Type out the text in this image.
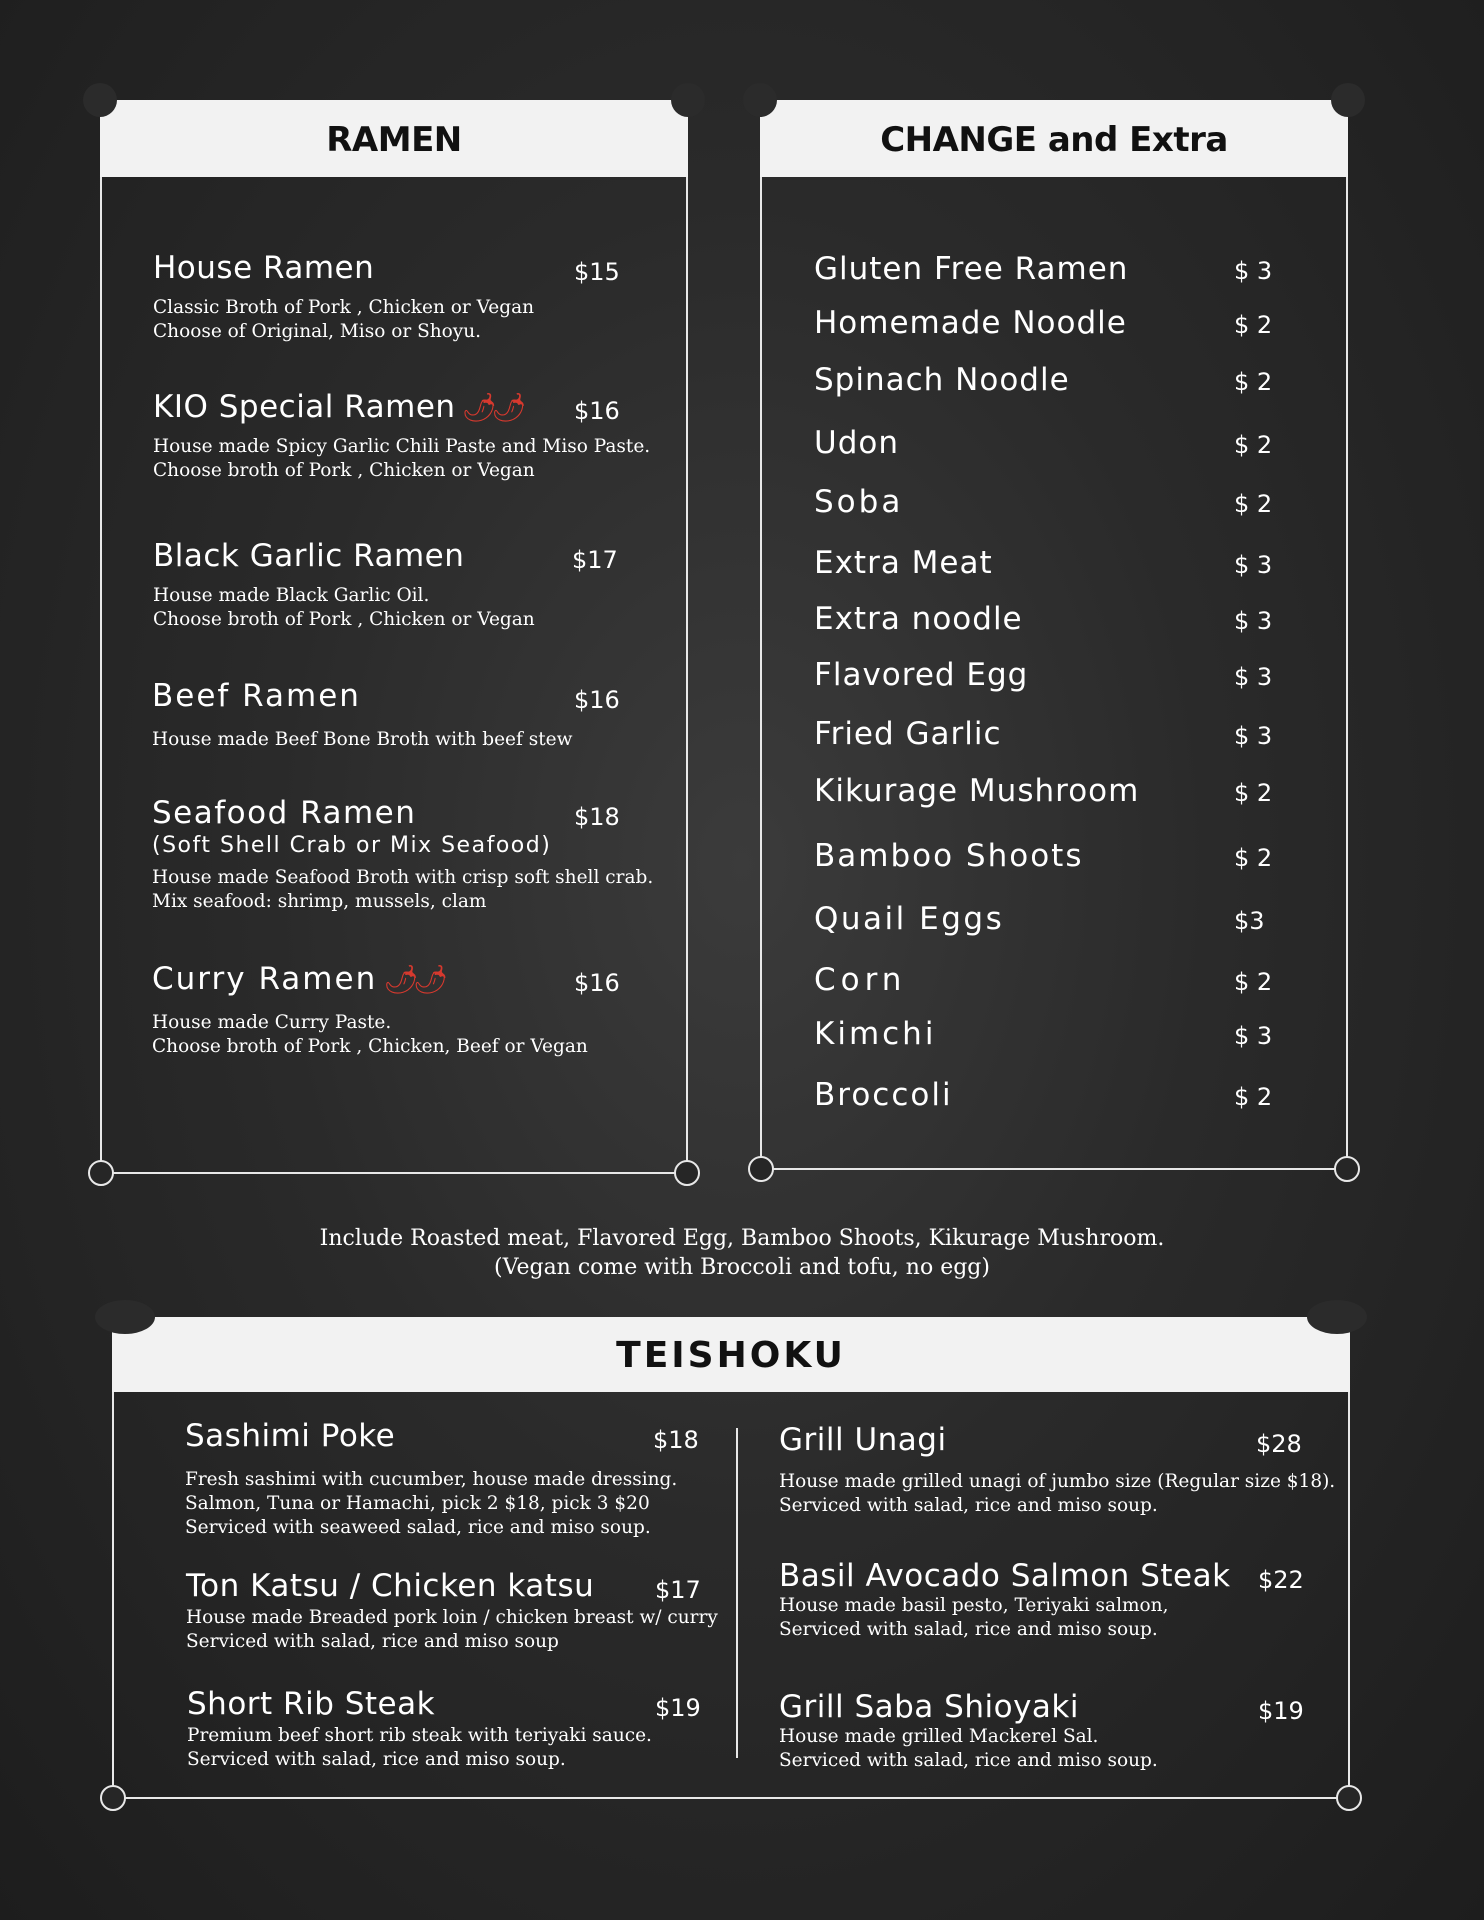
RAMEN
House Ramen	$15
Classic Broth of Pork , Chicken or Vegan
Choose of Original, Miso or Shoyu.
KIO Special Ramen 🌶🌶	$16
House made Spicy Garlic Chili Paste and Miso Paste.
Choose broth of Pork , Chicken or Vegan
Black Garlic Ramen	$17
House made Black Garlic Oil.
Choose broth of Pork , Chicken or Vegan
Beef Ramen	$16
House made Beef Bone Broth with beef stew
Seafood Ramen	$18
(Soft Shell Crab or Mix Seafood)
House made Seafood Broth with crisp soft shell crab.
Mix seafood: shrimp, mussels, clam
Curry Ramen 🌶🌶	$16
House made Curry Paste.
Choose broth of Pork , Chicken, Beef or Vegan
CHANGE and Extra
Gluten Free Ramen	$ 3
Homemade Noodle	$ 2
Spinach Noodle	$ 2
Udon	$ 2
Soba	$ 2
Extra Meat	$ 3
Extra noodle	$ 3
Flavored Egg	$ 3
Fried Garlic	$ 3
Kikurage Mushroom	$ 2
Bamboo Shoots	$ 2
Quail Eggs	$3
Corn	$ 2
Kimchi	$ 3
Broccoli	$ 2
Include Roasted meat, Flavored Egg, Bamboo Shoots, Kikurage Mushroom.
(Vegan come with Broccoli and tofu, no egg)
TEISHOKU
Sashimi Poke	$18
Fresh sashimi with cucumber, house made dressing.
Salmon, Tuna or Hamachi, pick 2 $18, pick 3 $20
Serviced with seaweed salad, rice and miso soup.
Ton Katsu / Chicken katsu	$17
House made Breaded pork loin / chicken breast w/ curry
Serviced with salad, rice and miso soup
Short Rib Steak	$19
Premium beef short rib steak with teriyaki sauce.
Serviced with salad, rice and miso soup.
Grill Unagi	$28
House made grilled unagi of jumbo size (Regular size $18).
Serviced with salad, rice and miso soup.
Basil Avocado Salmon Steak $22
House made basil pesto, Teriyaki salmon,
Serviced with salad, rice and miso soup.
Grill Saba Shioyaki	$19
House made grilled Mackerel Sal.
Serviced with salad, rice and miso soup.
